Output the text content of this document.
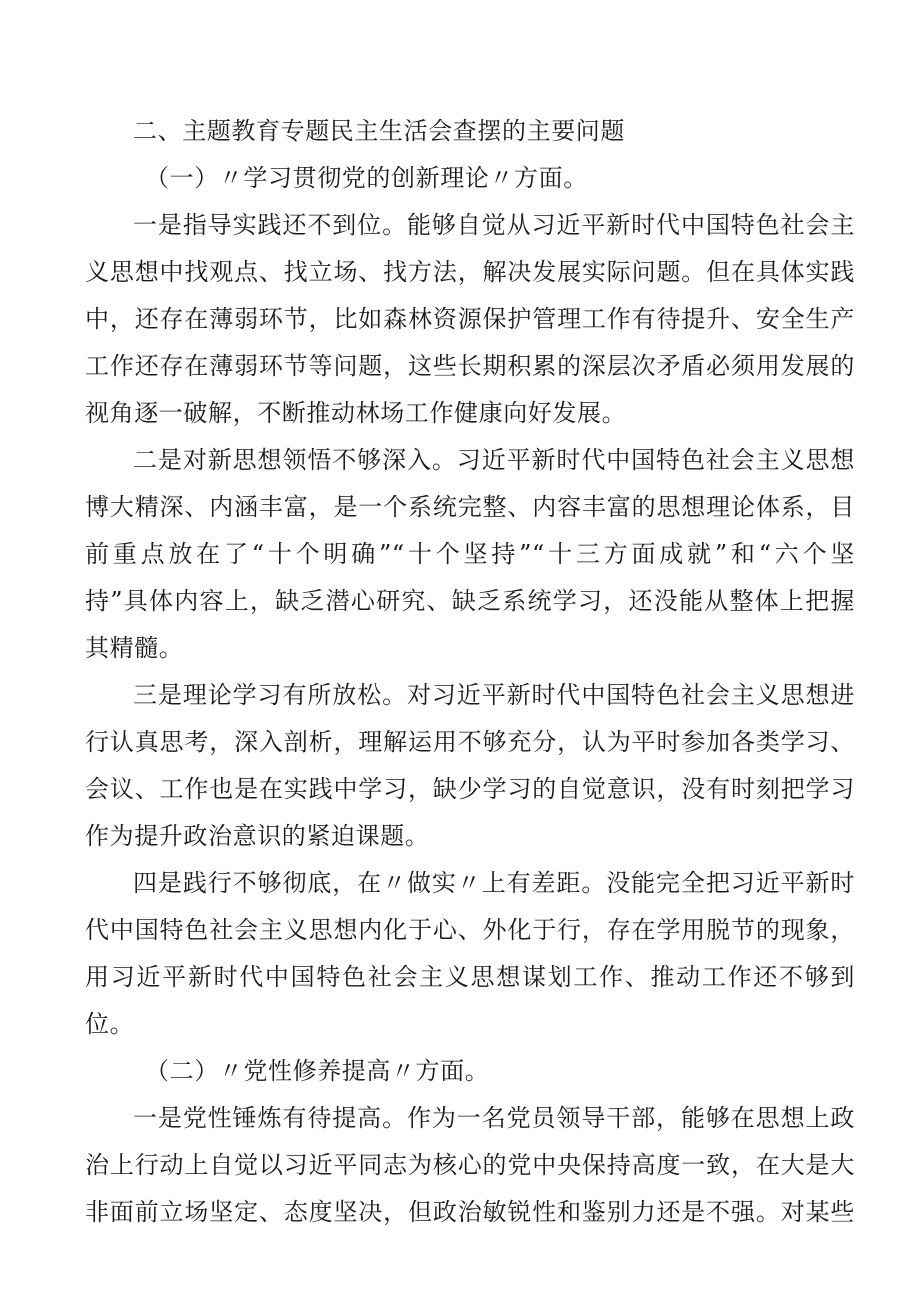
二、主题教育专题民主生活会查摆的主要问题
（一）〃学习贯彻党的创新理论〃方面。
一是指导实践还不到位。能够自觉从习近平新时代中国特色社会主
义思想中找观点、找立场、找方法，解决发展实际问题。但在具体实践
中，还存在薄弱环节，比如森林资源保护管理工作有待提升、安全生产
工作还存在薄弱环节等问题，这些长期积累的深层次矛盾必须用发展的
视角逐一破解，不断推动林场工作健康向好发展。
二是对新思想领悟不够深入。习近平新时代中国特色社会主义思想
博大精深、内涵丰富，是一个系统完整、内容丰富的思想理论体系，目
前重点放在了“十个明确”“十个坚持”“十三方面成就”和“六个坚
持”具体内容上，缺乏潜心研究、缺乏系统学习，还没能从整体上把握
其精髓。
三是理论学习有所放松。对习近平新时代中国特色社会主义思想进
行认真思考，深入剖析，理解运用不够充分，认为平时参加各类学习、
会议、工作也是在实践中学习，缺少学习的自觉意识，没有时刻把学习
作为提升政治意识的紧迫课题。
四是践行不够彻底，在〃做实〃上有差距。没能完全把习近平新时
代中国特色社会主义思想内化于心、外化于行，存在学用脱节的现象，
用习近平新时代中国特色社会主义思想谋划工作、推动工作还不够到
位。
（二）〃党性修养提高〃方面。
一是党性锤炼有待提高。作为一名党员领导干部，能够在思想上政
治上行动上自觉以习近平同志为核心的党中央保持高度一致，在大是大
非面前立场坚定、态度坚决，但政治敏锐性和鉴别力还是不强。对某些
